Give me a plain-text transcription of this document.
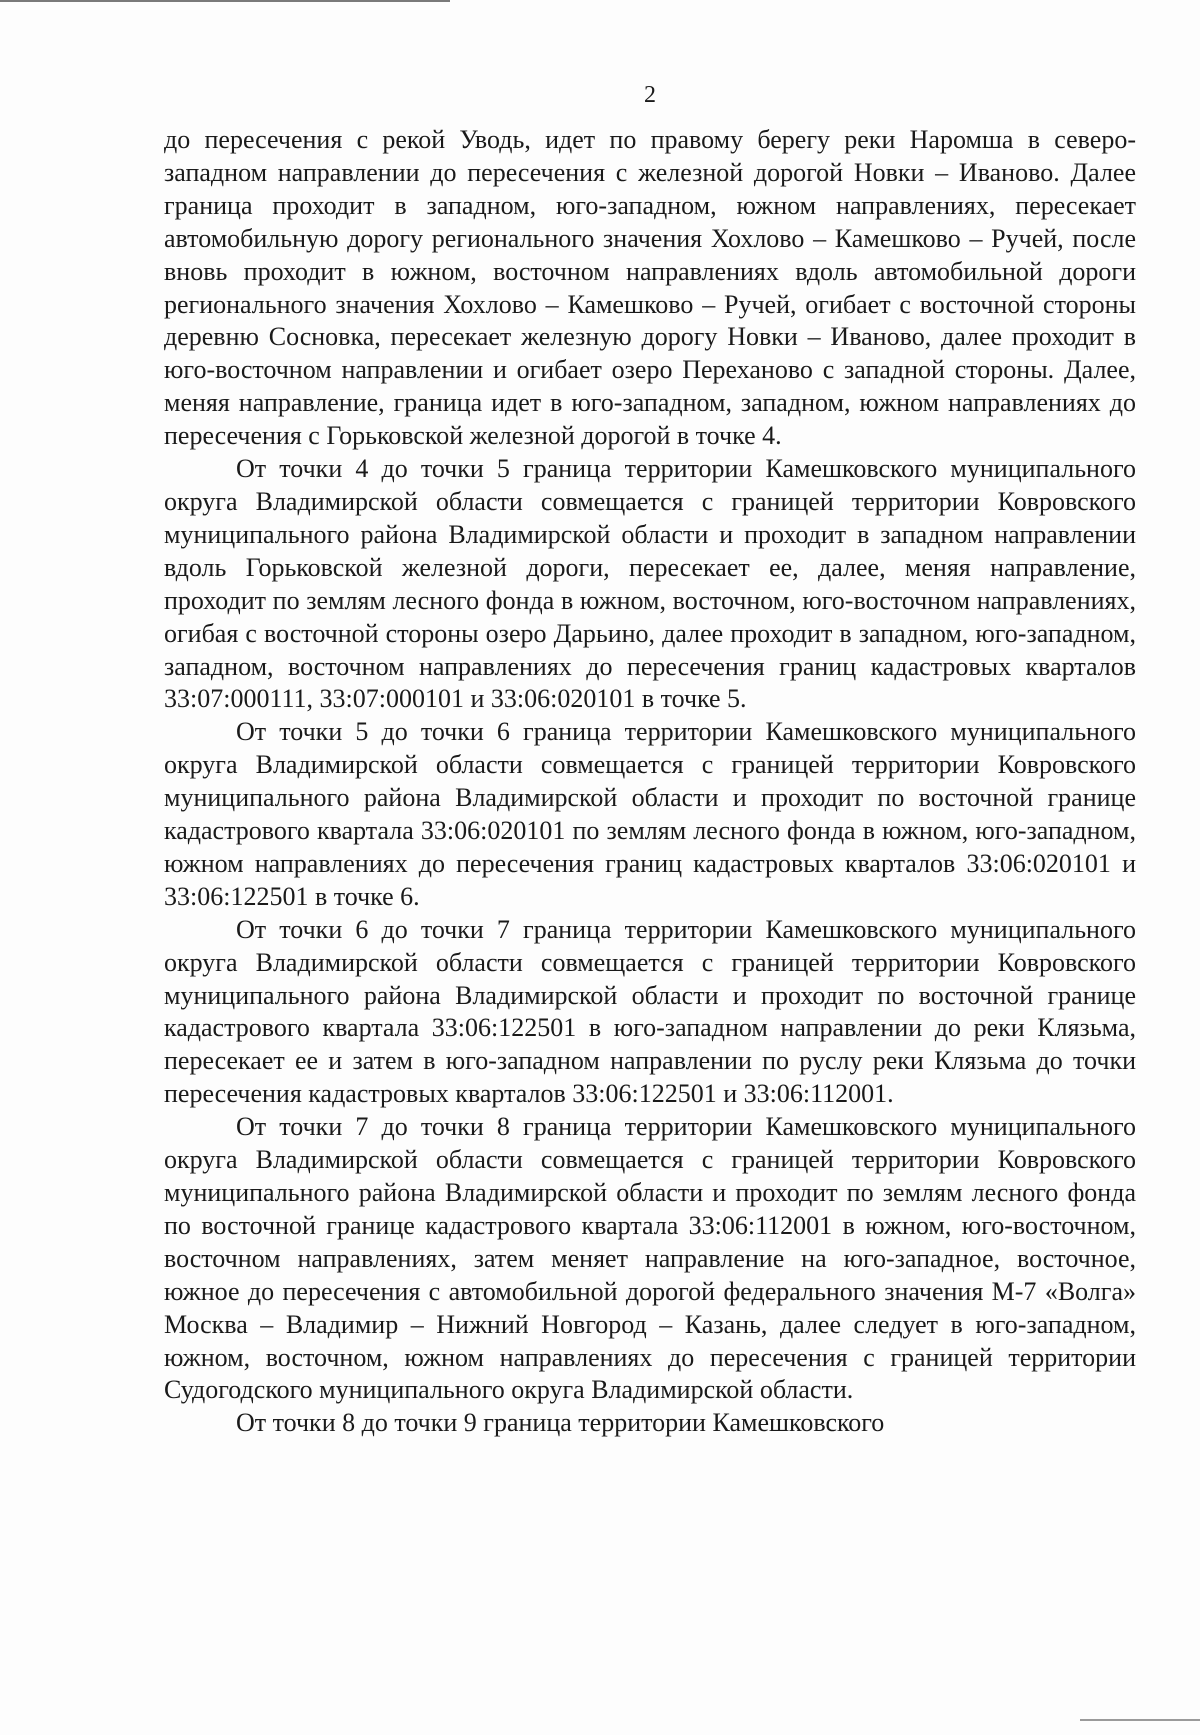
2

до пересечения с рекой Уводь, идет по правому берегу реки Наромша в северо-западном направлении до пересечения с железной дорогой Новки – Иваново. Далее граница проходит в западном, юго-западном, южном направлениях, пересекает автомобильную дорогу регионального значения Хохлово – Камешково – Ручей, после вновь проходит в южном, восточном направлениях вдоль автомобильной дороги регионального значения Хохлово – Камешково – Ручей, огибает с восточной стороны деревню Сосновка, пересекает железную дорогу Новки – Иваново, далее проходит в юго-восточном направлении и огибает озеро Переханово с западной стороны. Далее, меняя направление, граница идет в юго-западном, западном, южном направлениях до пересечения с Горьковской железной дорогой в точке 4.

От точки 4 до точки 5 граница территории Камешковского муниципального округа Владимирской области совмещается с границей территории Ковровского муниципального района Владимирской области и проходит в западном направлении вдоль Горьковской железной дороги, пересекает ее, далее, меняя направление, проходит по землям лесного фонда в южном, восточном, юго-восточном направлениях, огибая с восточной стороны озеро Дарьино, далее проходит в западном, юго-западном, западном, восточном направлениях до пересечения границ кадастровых кварталов 33:07:000111, 33:07:000101 и 33:06:020101 в точке 5.

От точки 5 до точки 6 граница территории Камешковского муниципального округа Владимирской области совмещается с границей территории Ковровского муниципального района Владимирской области и проходит по восточной границе кадастрового квартала 33:06:020101 по землям лесного фонда в южном, юго-западном, южном направлениях до пересечения границ кадастровых кварталов 33:06:020101 и 33:06:122501 в точке 6.

От точки 6 до точки 7 граница территории Камешковского муниципального округа Владимирской области совмещается с границей территории Ковровского муниципального района Владимирской области и проходит по восточной границе кадастрового квартала 33:06:122501 в юго-западном направлении до реки Клязьма, пересекает ее и затем в юго-западном направлении по руслу реки Клязьма до точки пересечения кадастровых кварталов 33:06:122501 и 33:06:112001.

От точки 7 до точки 8 граница территории Камешковского муниципального округа Владимирской области совмещается с границей территории Ковровского муниципального района Владимирской области и проходит по землям лесного фонда по восточной границе кадастрового квартала 33:06:112001 в южном, юго-восточном, восточном направлениях, затем меняет направление на юго-западное, восточное, южное до пересечения с автомобильной дорогой федерального значения М-7 «Волга» Москва – Владимир – Нижний Новгород – Казань, далее следует в юго-западном, южном, восточном, южном направлениях до пересечения с границей территории Судогодского муниципального округа Владимирской области.

От точки 8 до точки 9 граница территории Камешковского
